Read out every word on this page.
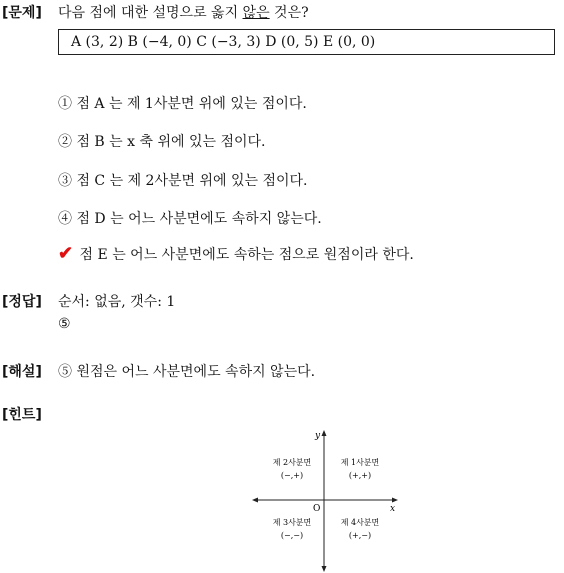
[문제] 다음 점에 대한 설명으로 옳지 않은 것은?
A (3, 2) B (−4, 0) C (−3, 3) D (0, 5) E (0, 0)
① 점 A 는 제 1사분면 위에 있는 점이다.
② 점 B 는 x 축 위에 있는 점이다.
③ 점 C 는 제 2사분면 위에 있는 점이다.
④ 점 D 는 어느 사분면에도 속하지 않는다.
✔ 점 E 는 어느 사분면에도 속하는 점으로 원점이라 한다.
[정답] 순서: 없음, 갯수: 1
⑤
[해설] ⑤ 원점은 어느 사분면에도 속하지 않는다.
[힌트]
y
x
O
제 2사분면
(−,+)
제 1사분면
(+,+)
제 3사분면
(−,−)
제 4사분면
(+,−)
